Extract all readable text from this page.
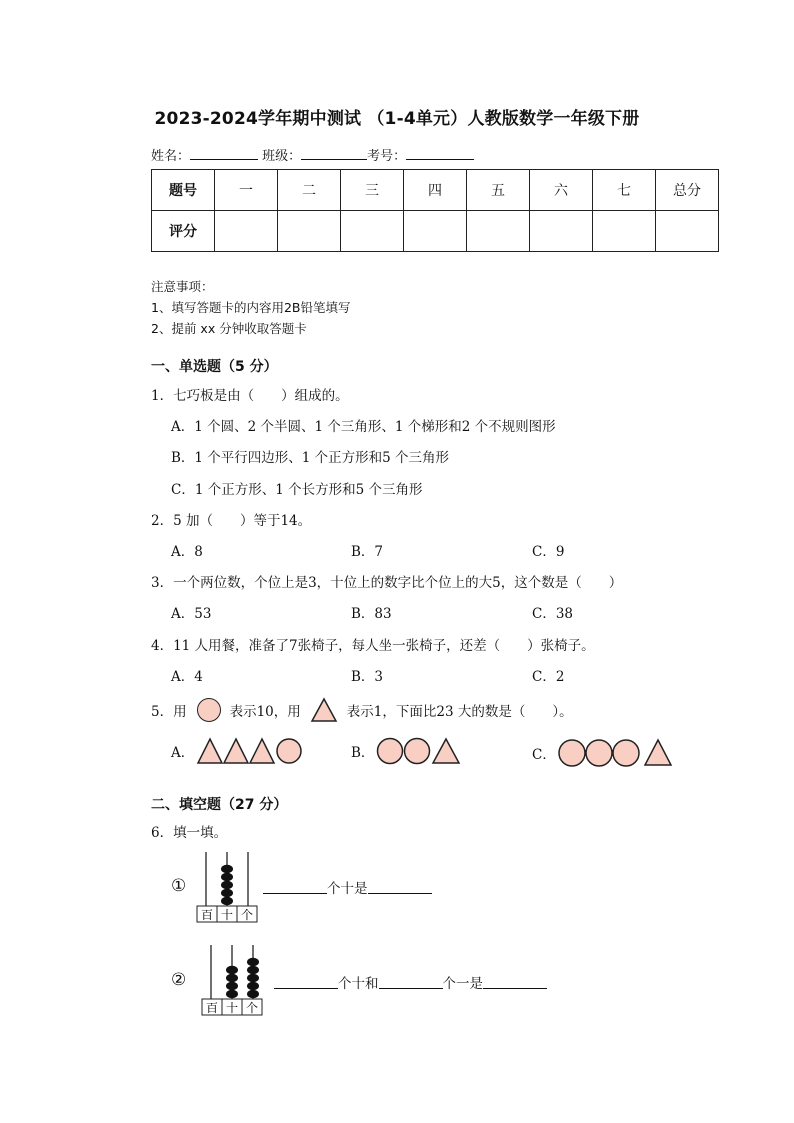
2023-2024学年期中测试 （1-4单元）人教版数学一年级下册
姓名：	班级：	考号：
题号	一	二	三	四	五	六	七	总分
评分								
注意事项：
1、填写答题卡的内容用2B铅笔填写
2、提前 xx 分钟收取答题卡
一、单选题（5 分）
1．七巧板是由（　　）组成的。
A．1 个圆、2 个半圆、1 个三角形、1 个梯形和2 个不规则图形
B．1 个平行四边形、1 个正方形和5 个三角形
C．1 个正方形、1 个长方形和5 个三角形
2．5 加（　　）等于14。
A．8	B．7	C．9
3．一个两位数，个位上是3，十位上的数字比个位上的大5，这个数是（　　）
A．53	B．83	C．38
4．11 人用餐，准备了7张椅子，每人坐一张椅子，还差（　　）张椅子。
A．4	B．3	C．2
5．用	表示10，用	表示1，下面比23 大的数是（　　）。
A．	B．	C．
二、填空题（27 分）
6．填一填。
①
百 十 个
个十是
②
百 十 个
个十和	个一是
